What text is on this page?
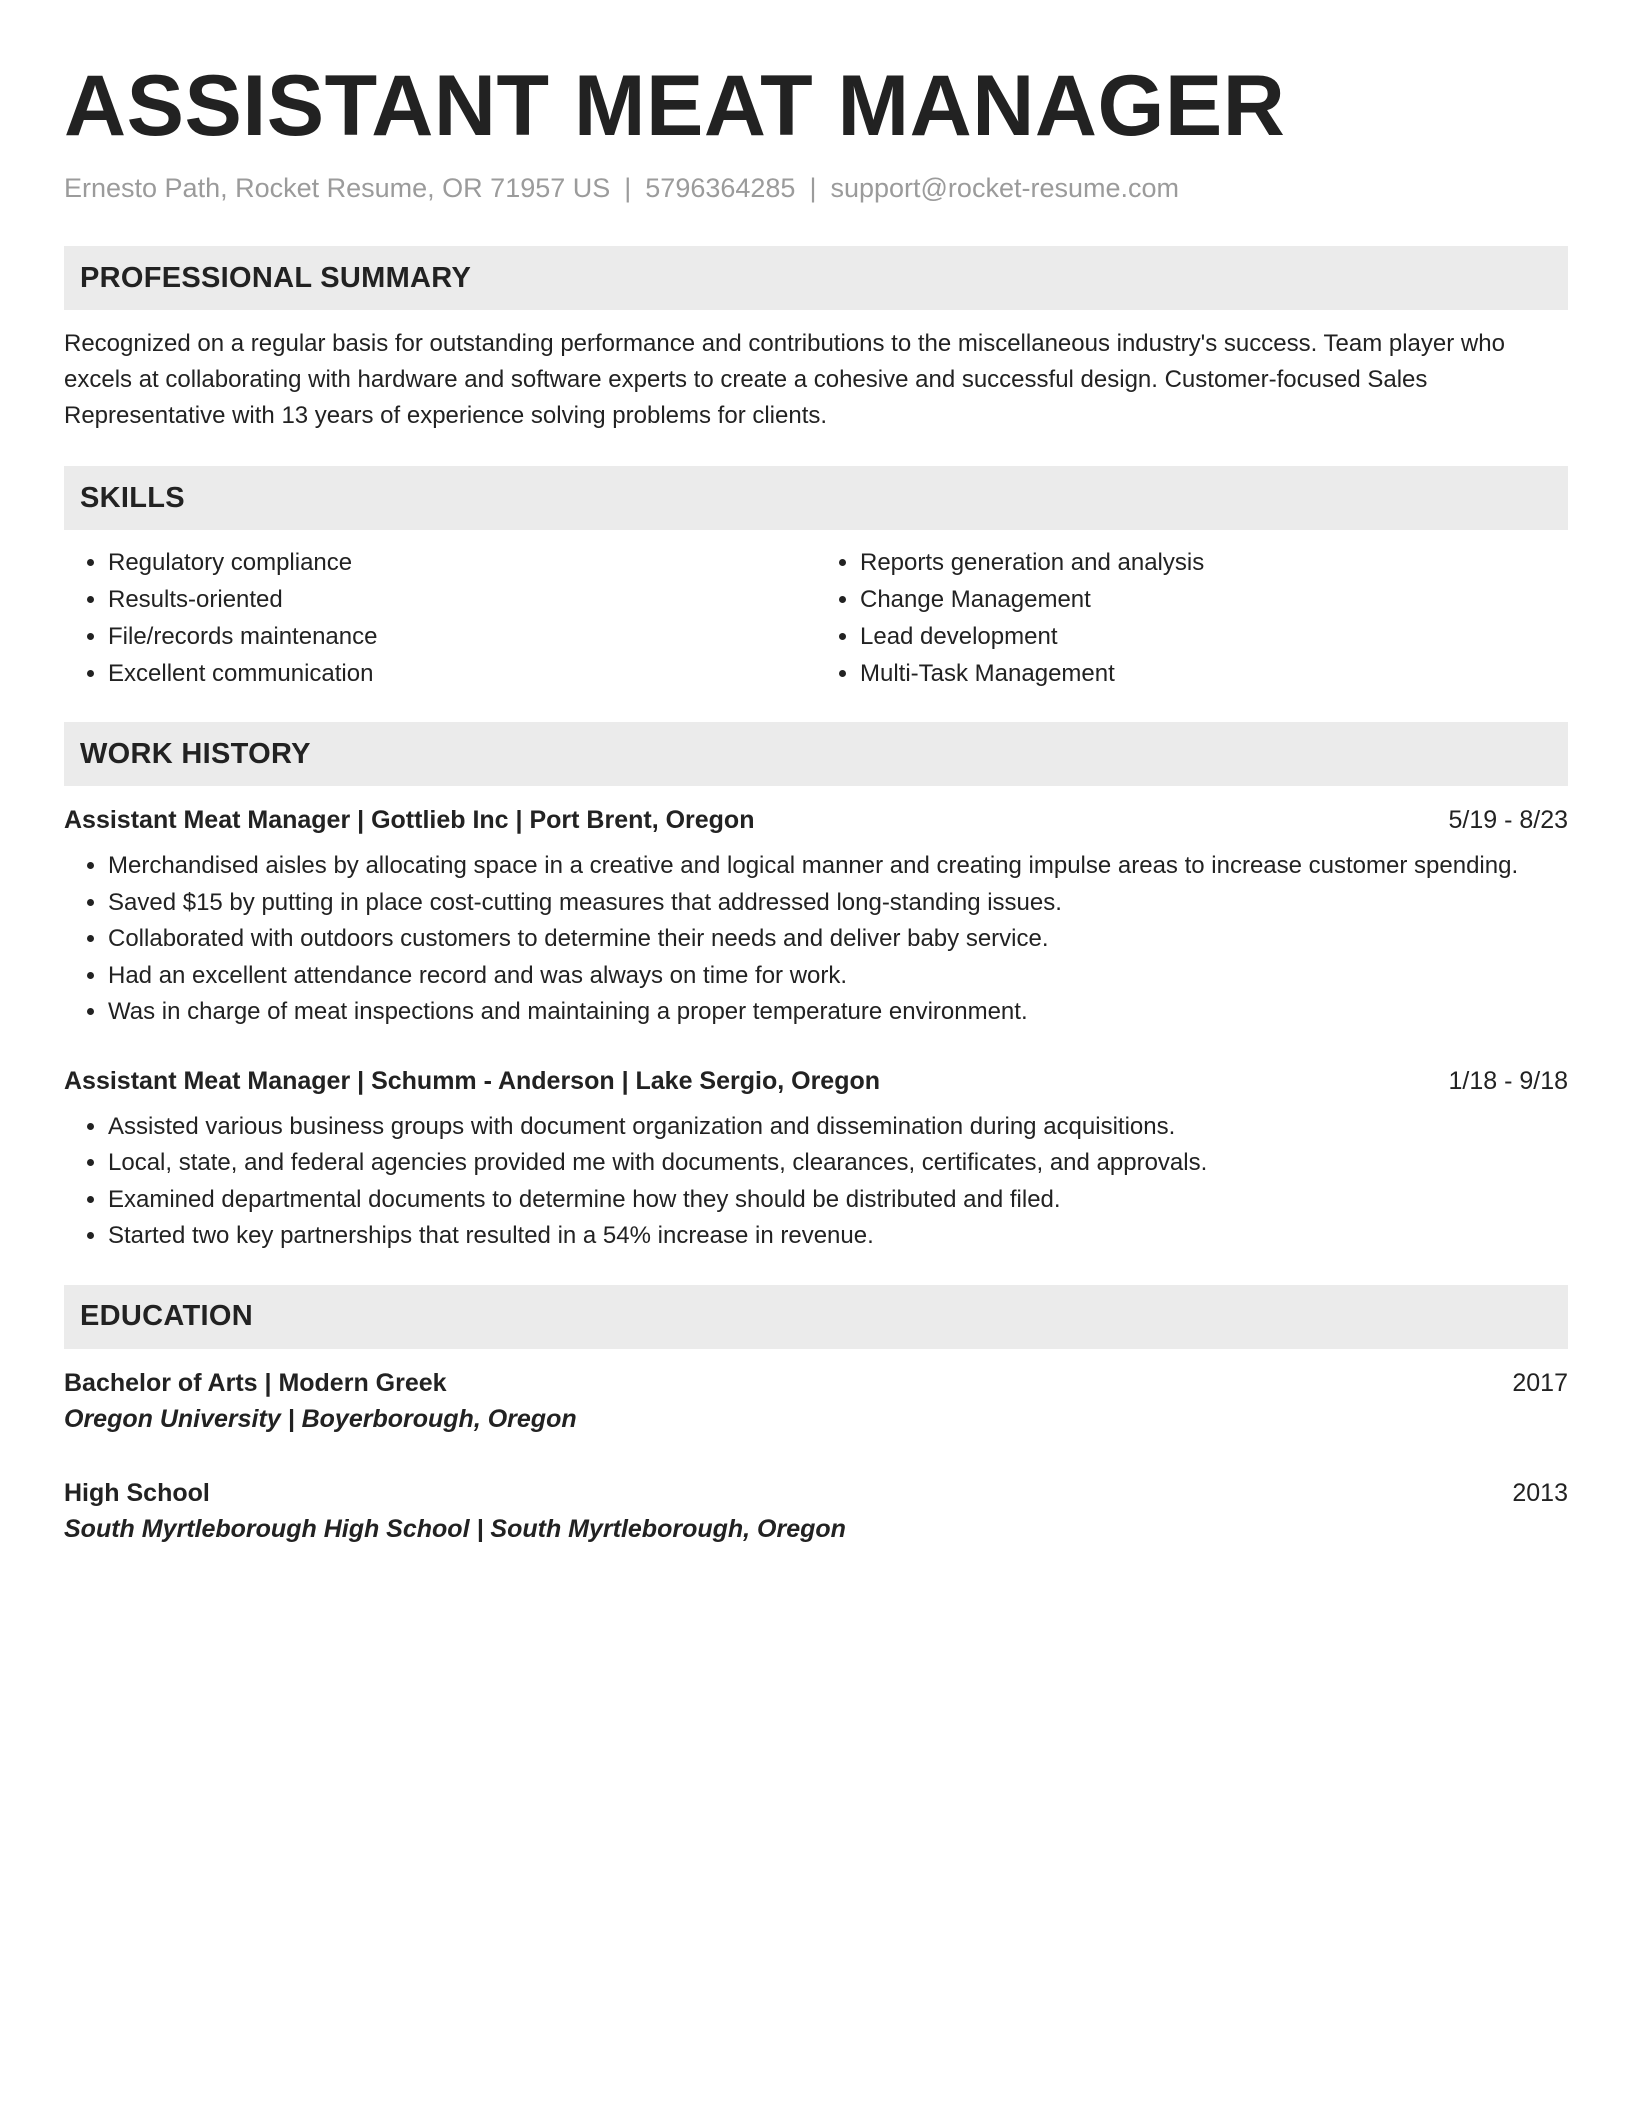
ASSISTANT MEAT MANAGER
Ernesto Path, Rocket Resume, OR 71957 US | 5796364285 | support@rocket-resume.com
PROFESSIONAL SUMMARY
Recognized on a regular basis for outstanding performance and contributions to the miscellaneous industry's success. Team player who excels at collaborating with hardware and software experts to create a cohesive and successful design. Customer-focused Sales Representative with 13 years of experience solving problems for clients.
SKILLS
• Regulatory compliance
• Results-oriented
• File/records maintenance
• Excellent communication
• Reports generation and analysis
• Change Management
• Lead development
• Multi-Task Management
WORK HISTORY
Assistant Meat Manager | Gottlieb Inc | Port Brent, Oregon	5/19 - 8/23
• Merchandised aisles by allocating space in a creative and logical manner and creating impulse areas to increase customer spending.
• Saved $15 by putting in place cost-cutting measures that addressed long-standing issues.
• Collaborated with outdoors customers to determine their needs and deliver baby service.
• Had an excellent attendance record and was always on time for work.
• Was in charge of meat inspections and maintaining a proper temperature environment.
Assistant Meat Manager | Schumm - Anderson | Lake Sergio, Oregon	1/18 - 9/18
• Assisted various business groups with document organization and dissemination during acquisitions.
• Local, state, and federal agencies provided me with documents, clearances, certificates, and approvals.
• Examined departmental documents to determine how they should be distributed and filed.
• Started two key partnerships that resulted in a 54% increase in revenue.
EDUCATION
Bachelor of Arts | Modern Greek	2017
Oregon University | Boyerborough, Oregon
High School	2013
South Myrtleborough High School | South Myrtleborough, Oregon
